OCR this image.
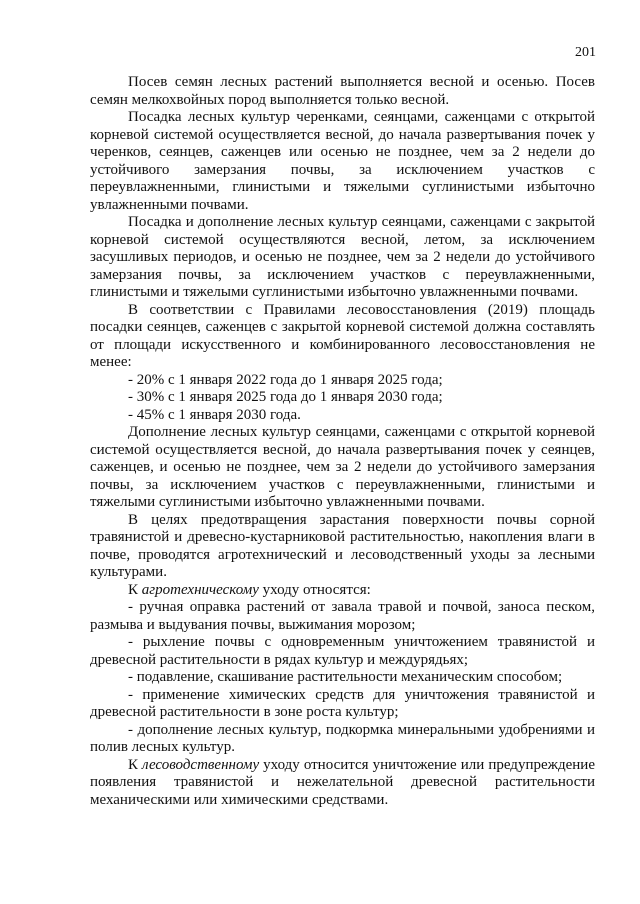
201

Посев семян лесных растений выполняется весной и осенью. Посев семян мелкохвойных пород выполняется только весной.

Посадка лесных культур черенками, сеянцами, саженцами с открытой корневой системой осуществляется весной, до начала развертывания почек у черенков, сеянцев, саженцев или осенью не позднее, чем за 2 недели до устойчивого замерзания почвы, за исключением участков с переувлажненными, глинистыми и тяжелыми суглинистыми избыточно увлажненными почвами.

Посадка и дополнение лесных культур сеянцами, саженцами с закрытой корневой системой осуществляются весной, летом, за исключением засушливых периодов, и осенью не позднее, чем за 2 недели до устойчивого замерзания почвы, за исключением участков с переувлажненными, глинистыми и тяжелыми суглинистыми избыточно увлажненными почвами.

В соответствии с Правилами лесовосстановления (2019) площадь посадки сеянцев, саженцев с закрытой корневой системой должна составлять от площади искусственного и комбинированного лесовосстановления не менее:

- 20% с 1 января 2022 года до 1 января 2025 года;

- 30% с 1 января 2025 года до 1 января 2030 года;

- 45% с 1 января 2030 года.

Дополнение лесных культур сеянцами, саженцами с открытой корневой системой осуществляется весной, до начала развертывания почек у сеянцев, саженцев, и осенью не позднее, чем за 2 недели до устойчивого замерзания почвы, за исключением участков с переувлажненными, глинистыми и тяжелыми суглинистыми избыточно увлажненными почвами.

В целях предотвращения зарастания поверхности почвы сорной травянистой и древесно-кустарниковой растительностью, накопления влаги в почве, проводятся агротехнический и лесоводственный уходы за лесными культурами.

К агротехническому уходу относятся:

- ручная оправка растений от завала травой и почвой, заноса песком, размыва и выдувания почвы, выжимания морозом;

- рыхление почвы с одновременным уничтожением травянистой и древесной растительности в рядах культур и междурядьях;

- подавление, скашивание растительности механическим способом;

- применение химических средств для уничтожения травянистой и древесной растительности в зоне роста культур;

- дополнение лесных культур, подкормка минеральными удобрениями и полив лесных культур.

К лесоводственному уходу относится уничтожение или предупреждение появления травянистой и нежелательной древесной растительности механическими или химическими средствами.
